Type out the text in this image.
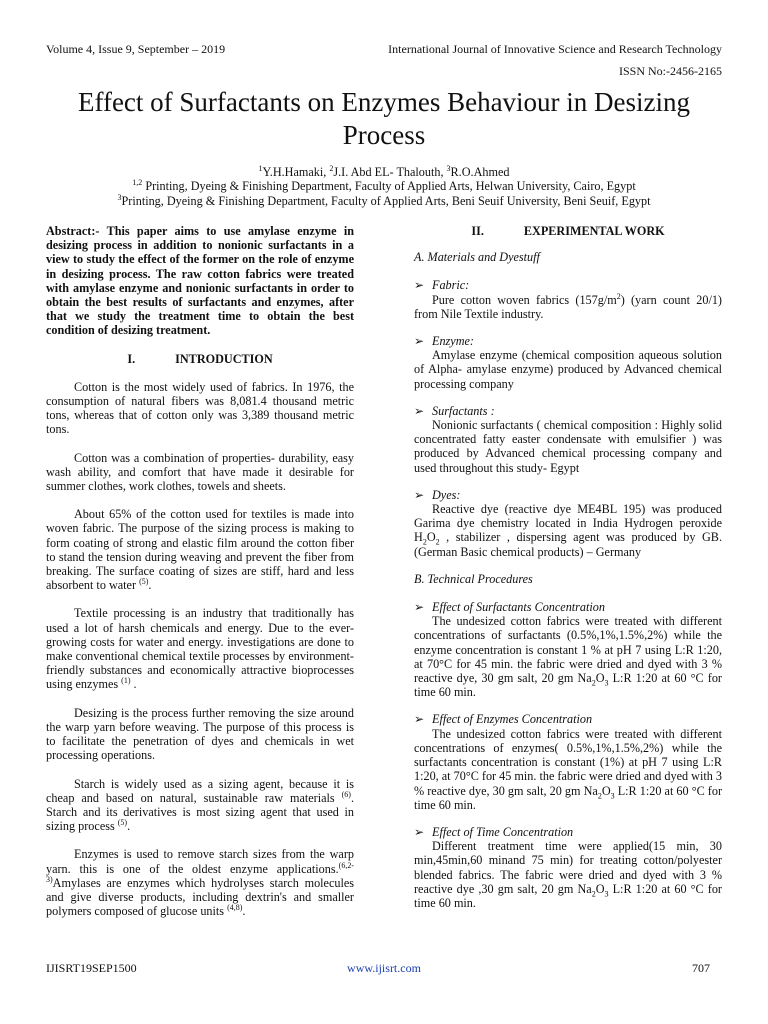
Volume 4, Issue 9, September – 2019	International Journal of Innovative Science and Research Technology
ISSN No:-2456-2165
Effect of Surfactants on Enzymes Behaviour in Desizing Process
$^1$Y.H.Hamaki, $^2$J.I. Abd EL- Thalouth, $^3$R.O.Ahmed
$^{1,2}$ Printing, Dyeing & Finishing Department, Faculty of Applied Arts, Helwan University, Cairo, Egypt
$^3$Printing, Dyeing & Finishing Department, Faculty of Applied Arts, Beni Seuif University, Beni Seuif, Egypt
Abstract:- This paper aims to use amylase enzyme in desizing process in addition to nonionic surfactants in a view to study the effect of the former on the role of enzyme in desizing process. The raw cotton fabrics were treated with amylase enzyme and nonionic surfactants in order to obtain the best results of surfactants and enzymes, after that we study the treatment time to obtain the best condition of desizing treatment.
I.	INTRODUCTION

Cotton is the most widely used of fabrics. In 1976, the consumption of natural fibers was 8,081.4 thousand metric tons, whereas that of cotton only was 3,389 thousand metric tons.

Cotton was a combination of properties- durability, easy wash ability, and comfort that have made it desirable for summer clothes, work clothes, towels and sheets.

About 65% of the cotton used for textiles is made into woven fabric. The purpose of the sizing process is making to form coating of strong and elastic film around the cotton fiber to stand the tension during weaving and prevent the fiber from breaking. The surface coating of sizes are stiff, hard and less absorbent to water $^{(5)}$.

Textile processing is an industry that traditionally has used a lot of harsh chemicals and energy. Due to the ever-growing costs for water and energy. investigations are done to make conventional chemical textile processes by environment-friendly substances and economically attractive bioprocesses using enzymes $^{(1)}$ .

Desizing is the process further removing the size around the warp yarn before weaving. The purpose of this process is to facilitate the penetration of dyes and chemicals in wet processing operations.

Starch is widely used as a sizing agent, because it is cheap and based on natural, sustainable raw materials $^{(6)}$. Starch and its derivatives is most sizing agent that used in sizing process $^{(5)}$.

Enzymes is used to remove starch sizes from the warp yarn. this is one of the oldest enzyme applications.$^{(6,2-3)}$Amylases are enzymes which hydrolyses starch molecules and give diverse products, including dextrin's and smaller polymers composed of glucose units $^{(4,8)}$.

II.	EXPERIMENTAL WORK
A. Materials and Dyestuff
➢ Fabric:
Pure cotton woven fabrics $(157g/m^2)$ (yarn count 20/1) from Nile Textile industry.
➢ Enzyme:
Amylase enzyme (chemical composition aqueous solution of Alpha- amylase enzyme) produced by Advanced chemical processing company
➢ Surfactants :
Nonionic surfactants ( chemical composition : Highly solid concentrated fatty easter condensate with emulsifier ) was produced by Advanced chemical processing company and used throughout this study- Egypt
➢ Dyes:
Reactive dye (reactive dye ME4BL 195) was produced Garima dye chemistry located in India Hydrogen peroxide $H_2O_2$ , stabilizer , dispersing agent was produced by GB.(German Basic chemical products) – Germany
B. Technical Procedures
➢ Effect of Surfactants Concentration
The undesized cotton fabrics were treated with different concentrations of surfactants (0.5%,1%,1.5%,2%) while the enzyme concentration is constant 1 % at pH 7 using L:R 1:20, at 70°C for 45 min. the fabric were dried and dyed with 3 % reactive dye, 30 gm salt, 20 gm $Na_2O_3$ L:R 1:20 at 60 °C for time 60 min.
➢ Effect of Enzymes Concentration
The undesized cotton fabrics were treated with different concentrations of enzymes( 0.5%,1%,1.5%,2%) while the surfactants concentration is constant (1%) at pH 7 using L:R 1:20, at 70°C for 45 min. the fabric were dried and dyed with 3 % reactive dye, 30 gm salt, 20 gm $Na_2O_3$ L:R 1:20 at 60 °C for time 60 min.
➢ Effect of Time Concentration
Different treatment time were applied(15 min, 30 min,45min,60 minand 75 min) for treating cotton/polyester blended fabrics. The fabric were dried and dyed with 3 % reactive dye ,30 gm salt, 20 gm $Na_2O_3$ L:R 1:20 at 60 °C for time 60 min.
IJISRT19SEP1500	www.ijisrt.com	707
